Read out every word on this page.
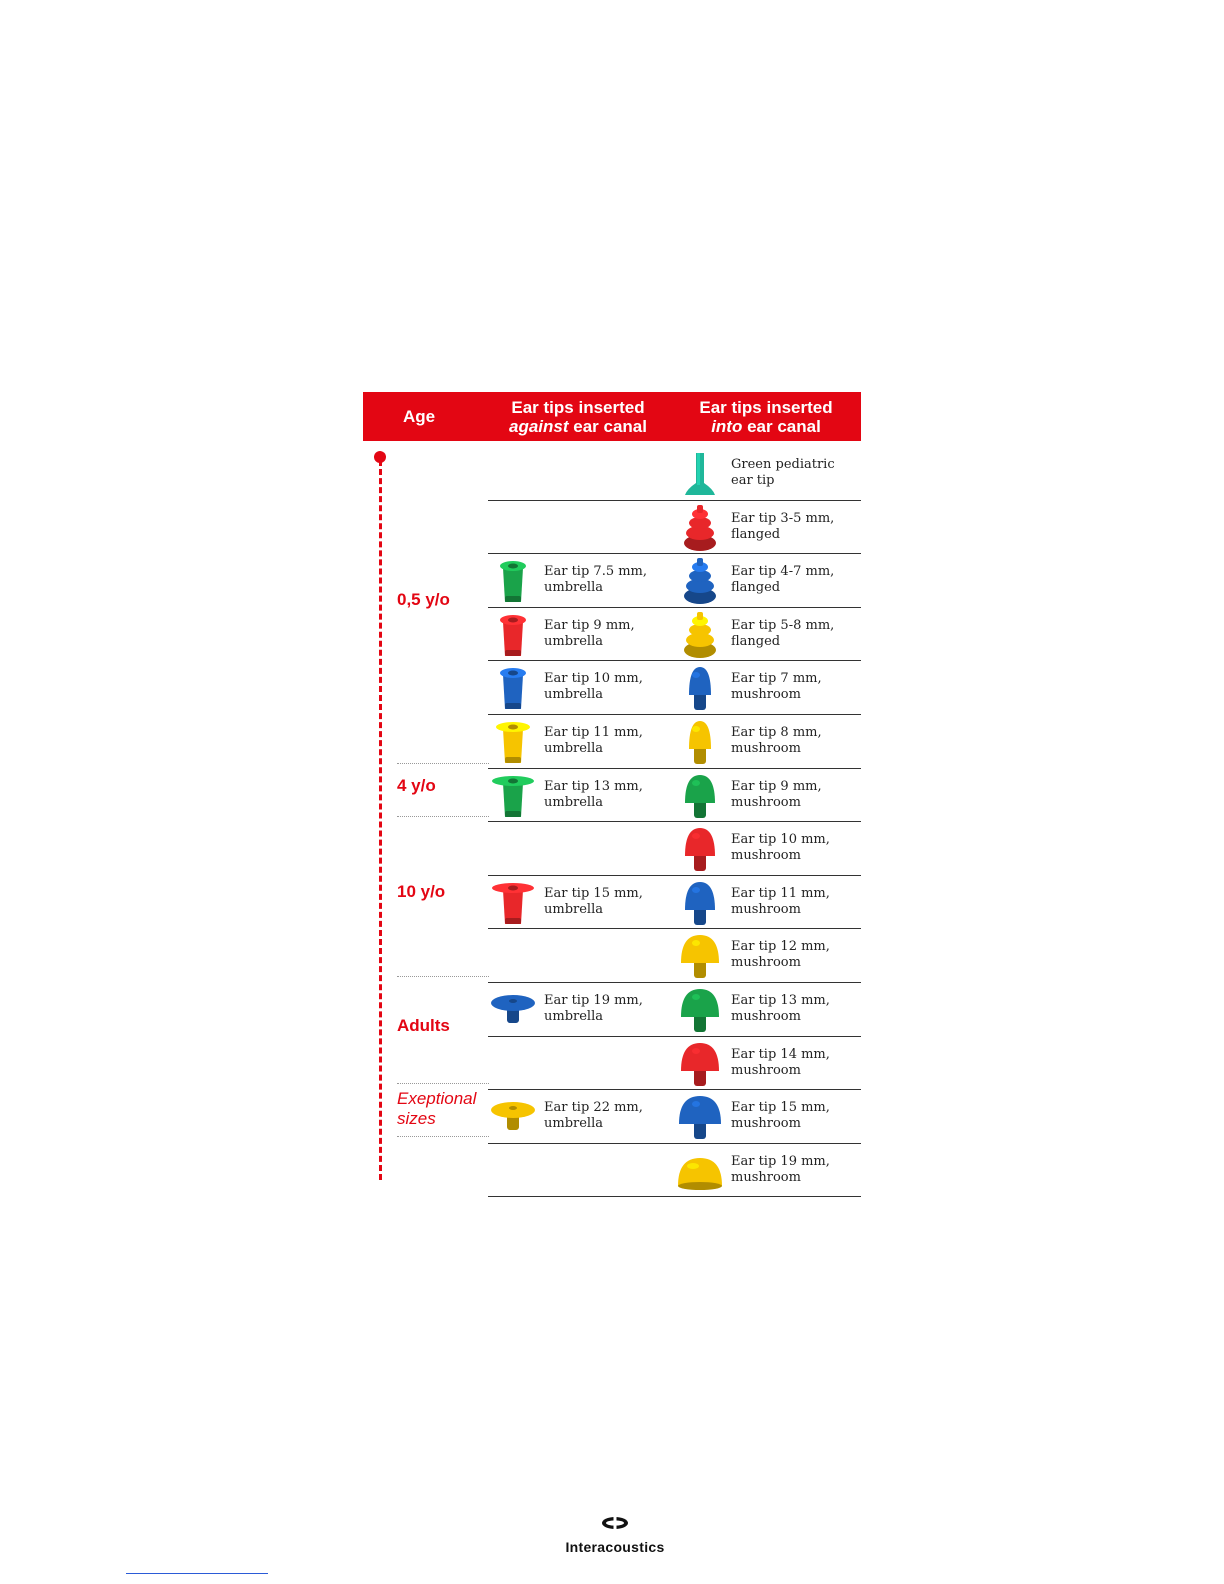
Age	Ear tips inserted
against ear canal
Ear tips inserted
into ear canal
0,5 y/o
4 y/o
10 y/o
Adults
Exeptional sizes
Green pediatric
ear tip
Ear tip 3-5 mm,
flanged
Ear tip 7.5 mm,
umbrella
Ear tip 4-7 mm,
flanged
Ear tip 9 mm,
umbrella
Ear tip 5-8 mm,
flanged
Ear tip 10 mm,
umbrella
Ear tip 7 mm,
mushroom
Ear tip 11 mm,
umbrella
Ear tip 8 mm,
mushroom
Ear tip 13 mm,
umbrella
Ear tip 9 mm,
mushroom
Ear tip 10 mm,
mushroom
Ear tip 15 mm,
umbrella
Ear tip 11 mm,
mushroom
Ear tip 12 mm,
mushroom
Ear tip 19 mm,
umbrella
Ear tip 13 mm,
mushroom
Ear tip 14 mm,
mushroom
Ear tip 22 mm,
umbrella
Ear tip 15 mm,
mushroom
Ear tip 19 mm,
mushroom
Interacoustics
